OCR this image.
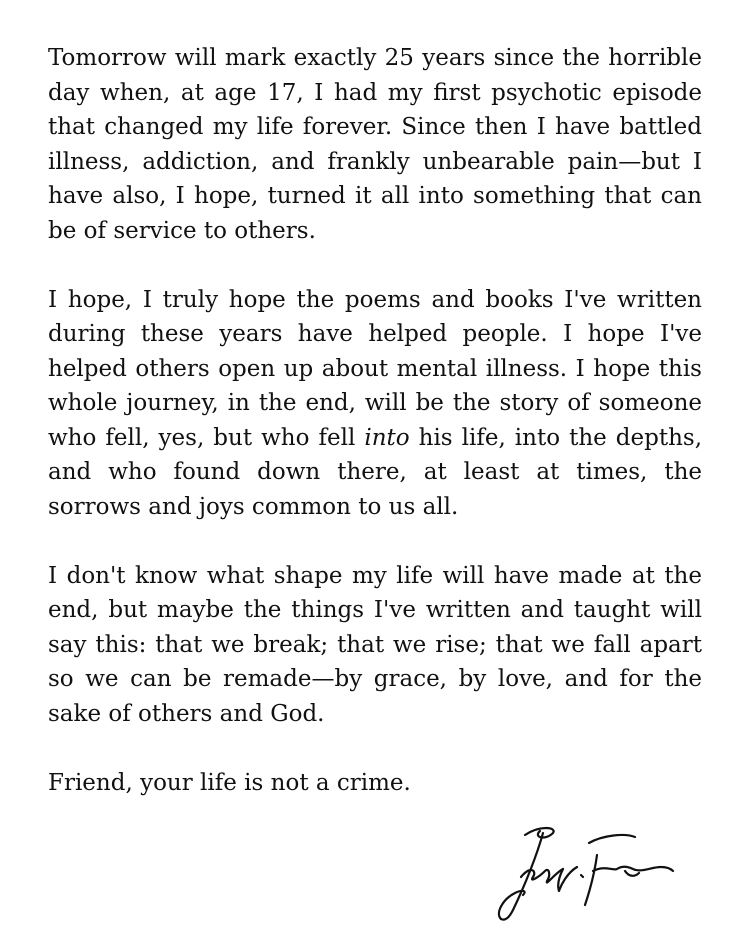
Tomorrow will mark exactly 25 years since the horrible day when, at age 17, I had my first psychotic episode that changed my life forever. Since then I have battled illness, addiction, and frankly unbearable pain—but I have also, I hope, turned it all into something that can be of service to others.

I hope, I truly hope the poems and books I've written during these years have helped people. I hope I've helped others open up about mental illness. I hope this whole journey, in the end, will be the story of someone who fell, yes, but who fell into his life, into the depths, and who found down there, at least at times, the sorrows and joys common to us all.

I don't know what shape my life will have made at the end, but maybe the things I've written and taught will say this: that we break; that we rise; that we fall apart so we can be remade—by grace, by love, and for the sake of others and God.

Friend, your life is not a crime.
